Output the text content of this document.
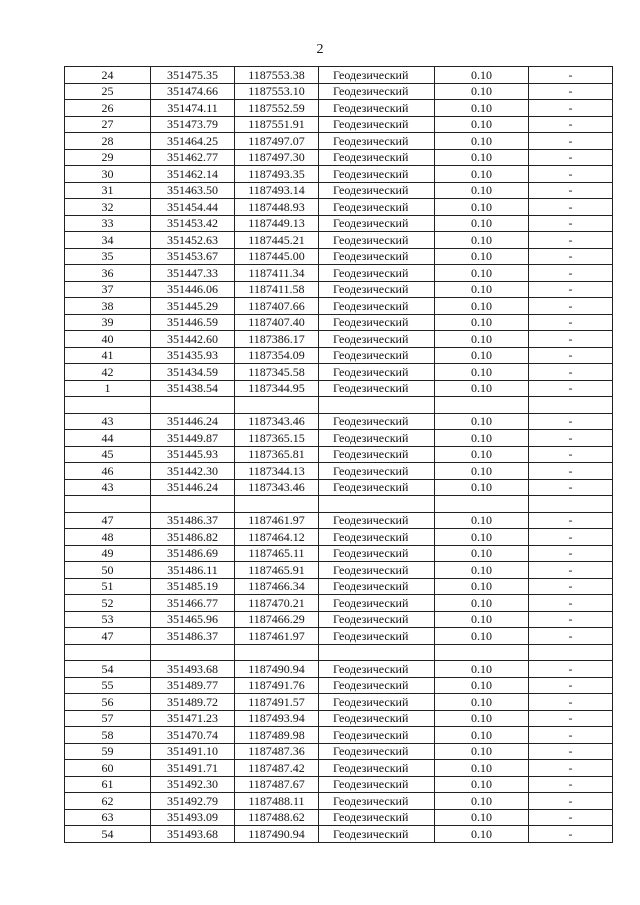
2
24	351475.35	1187553.38	Геодезический	0.10	-
25	351474.66	1187553.10	Геодезический	0.10	-
26	351474.11	1187552.59	Геодезический	0.10	-
27	351473.79	1187551.91	Геодезический	0.10	-
28	351464.25	1187497.07	Геодезический	0.10	-
29	351462.77	1187497.30	Геодезический	0.10	-
30	351462.14	1187493.35	Геодезический	0.10	-
31	351463.50	1187493.14	Геодезический	0.10	-
32	351454.44	1187448.93	Геодезический	0.10	-
33	351453.42	1187449.13	Геодезический	0.10	-
34	351452.63	1187445.21	Геодезический	0.10	-
35	351453.67	1187445.00	Геодезический	0.10	-
36	351447.33	1187411.34	Геодезический	0.10	-
37	351446.06	1187411.58	Геодезический	0.10	-
38	351445.29	1187407.66	Геодезический	0.10	-
39	351446.59	1187407.40	Геодезический	0.10	-
40	351442.60	1187386.17	Геодезический	0.10	-
41	351435.93	1187354.09	Геодезический	0.10	-
42	351434.59	1187345.58	Геодезический	0.10	-
1	351438.54	1187344.95	Геодезический	0.10	-

43	351446.24	1187343.46	Геодезический	0.10	-
44	351449.87	1187365.15	Геодезический	0.10	-
45	351445.93	1187365.81	Геодезический	0.10	-
46	351442.30	1187344.13	Геодезический	0.10	-
43	351446.24	1187343.46	Геодезический	0.10	-

47	351486.37	1187461.97	Геодезический	0.10	-
48	351486.82	1187464.12	Геодезический	0.10	-
49	351486.69	1187465.11	Геодезический	0.10	-
50	351486.11	1187465.91	Геодезический	0.10	-
51	351485.19	1187466.34	Геодезический	0.10	-
52	351466.77	1187470.21	Геодезический	0.10	-
53	351465.96	1187466.29	Геодезический	0.10	-
47	351486.37	1187461.97	Геодезический	0.10	-

54	351493.68	1187490.94	Геодезический	0.10	-
55	351489.77	1187491.76	Геодезический	0.10	-
56	351489.72	1187491.57	Геодезический	0.10	-
57	351471.23	1187493.94	Геодезический	0.10	-
58	351470.74	1187489.98	Геодезический	0.10	-
59	351491.10	1187487.36	Геодезический	0.10	-
60	351491.71	1187487.42	Геодезический	0.10	-
61	351492.30	1187487.67	Геодезический	0.10	-
62	351492.79	1187488.11	Геодезический	0.10	-
63	351493.09	1187488.62	Геодезический	0.10	-
54	351493.68	1187490.94	Геодезический	0.10	-
